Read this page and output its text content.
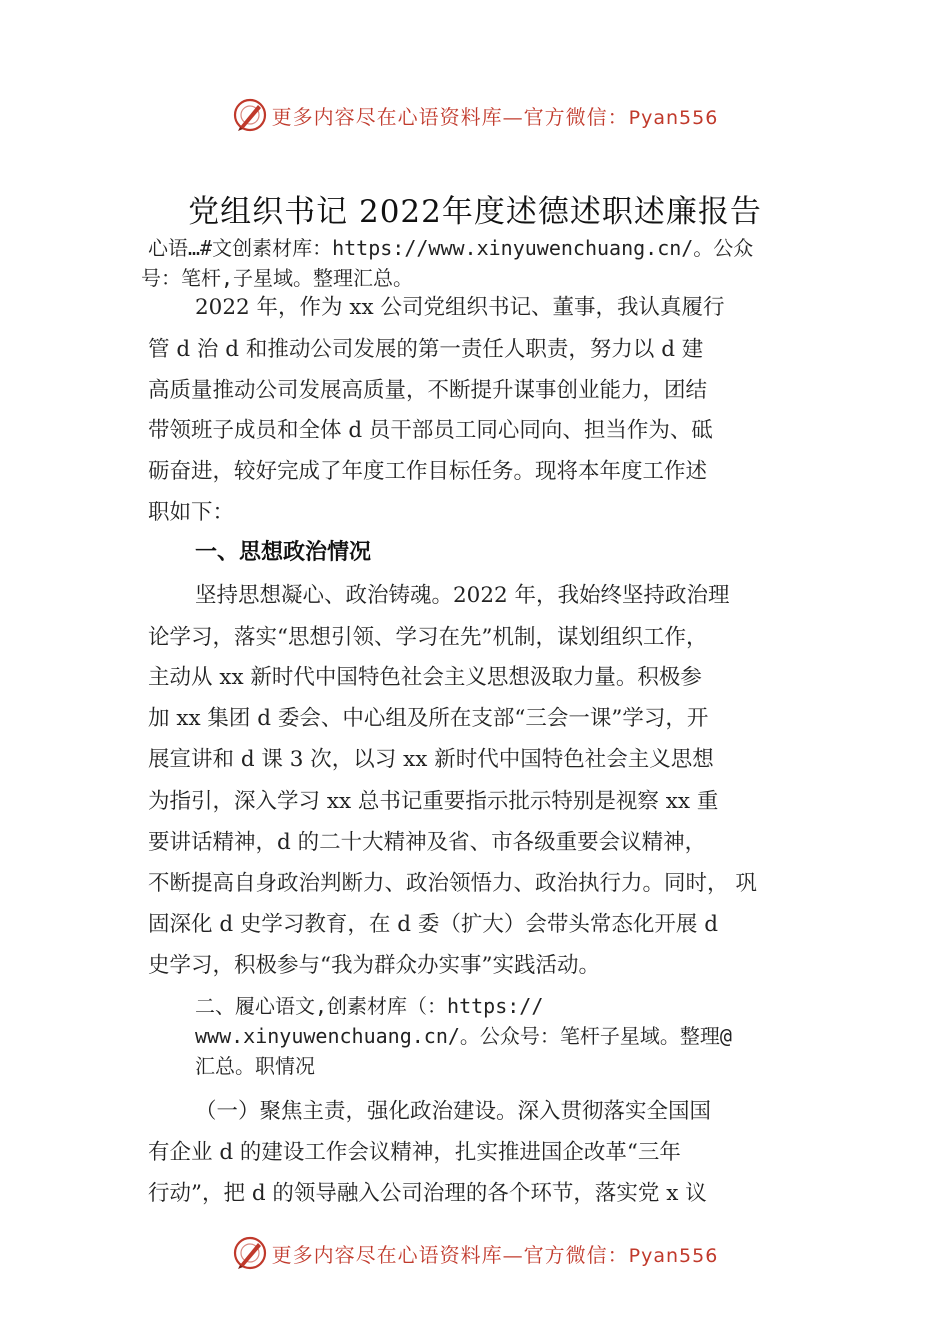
更多内容尽在心语资料库—官方微信：Pyan556
党组织书记 2022年度述德述职述廉报告
心语…#文创素材库：https://www.xinyuwenchuang.cn/。公众
号：笔杆,子星域。整理汇总。

2022 年，作为 xx 公司党组织书记、董事，我认真履行

管 d 治 d 和推动公司发展的第一责任人职责，努力以 d 建

高质量推动公司发展高质量，不断提升谋事创业能力，团结

带领班子成员和全体 d 员干部员工同心同向、担当作为、砥

砺奋进，较好完成了年度工作目标任务。现将本年度工作述

职如下：

一、思想政治情况

坚持思想凝心、政治铸魂。2022 年，我始终坚持政治理

论学习，落实“思想引领、学习在先”机制，谋划组织工作，

主动从 xx 新时代中国特色社会主义思想汲取力量。积极参

加 xx 集团 d 委会、中心组及所在支部“三会一课”学习，开

展宣讲和 d 课 3 次，以习 xx 新时代中国特色社会主义思想

为指引，深入学习 xx 总书记重要指示批示特别是视察 xx 重

要讲话精神，d 的二十大精神及省、市各级重要会议精神，

不断提高自身政治判断力、政治领悟力、政治执行力。同时， 巩

固深化 d 史学习教育，在 d 委（扩大）会带头常态化开展 d

史学习，积极参与“我为群众办实事”实践活动。

二、履心语文,创素材库（：https://
www.xinyuwenchuang.cn/。公众号：笔杆子星域。整理@
汇总。职情况

（一）聚焦主责，强化政治建设。深入贯彻落实全国国

有企业 d 的建设工作会议精神，扎实推进国企改革“三年

行动”，把 d 的领导融入公司治理的各个环节，落实党 x 议

更多内容尽在心语资料库—官方微信：Pyan556
